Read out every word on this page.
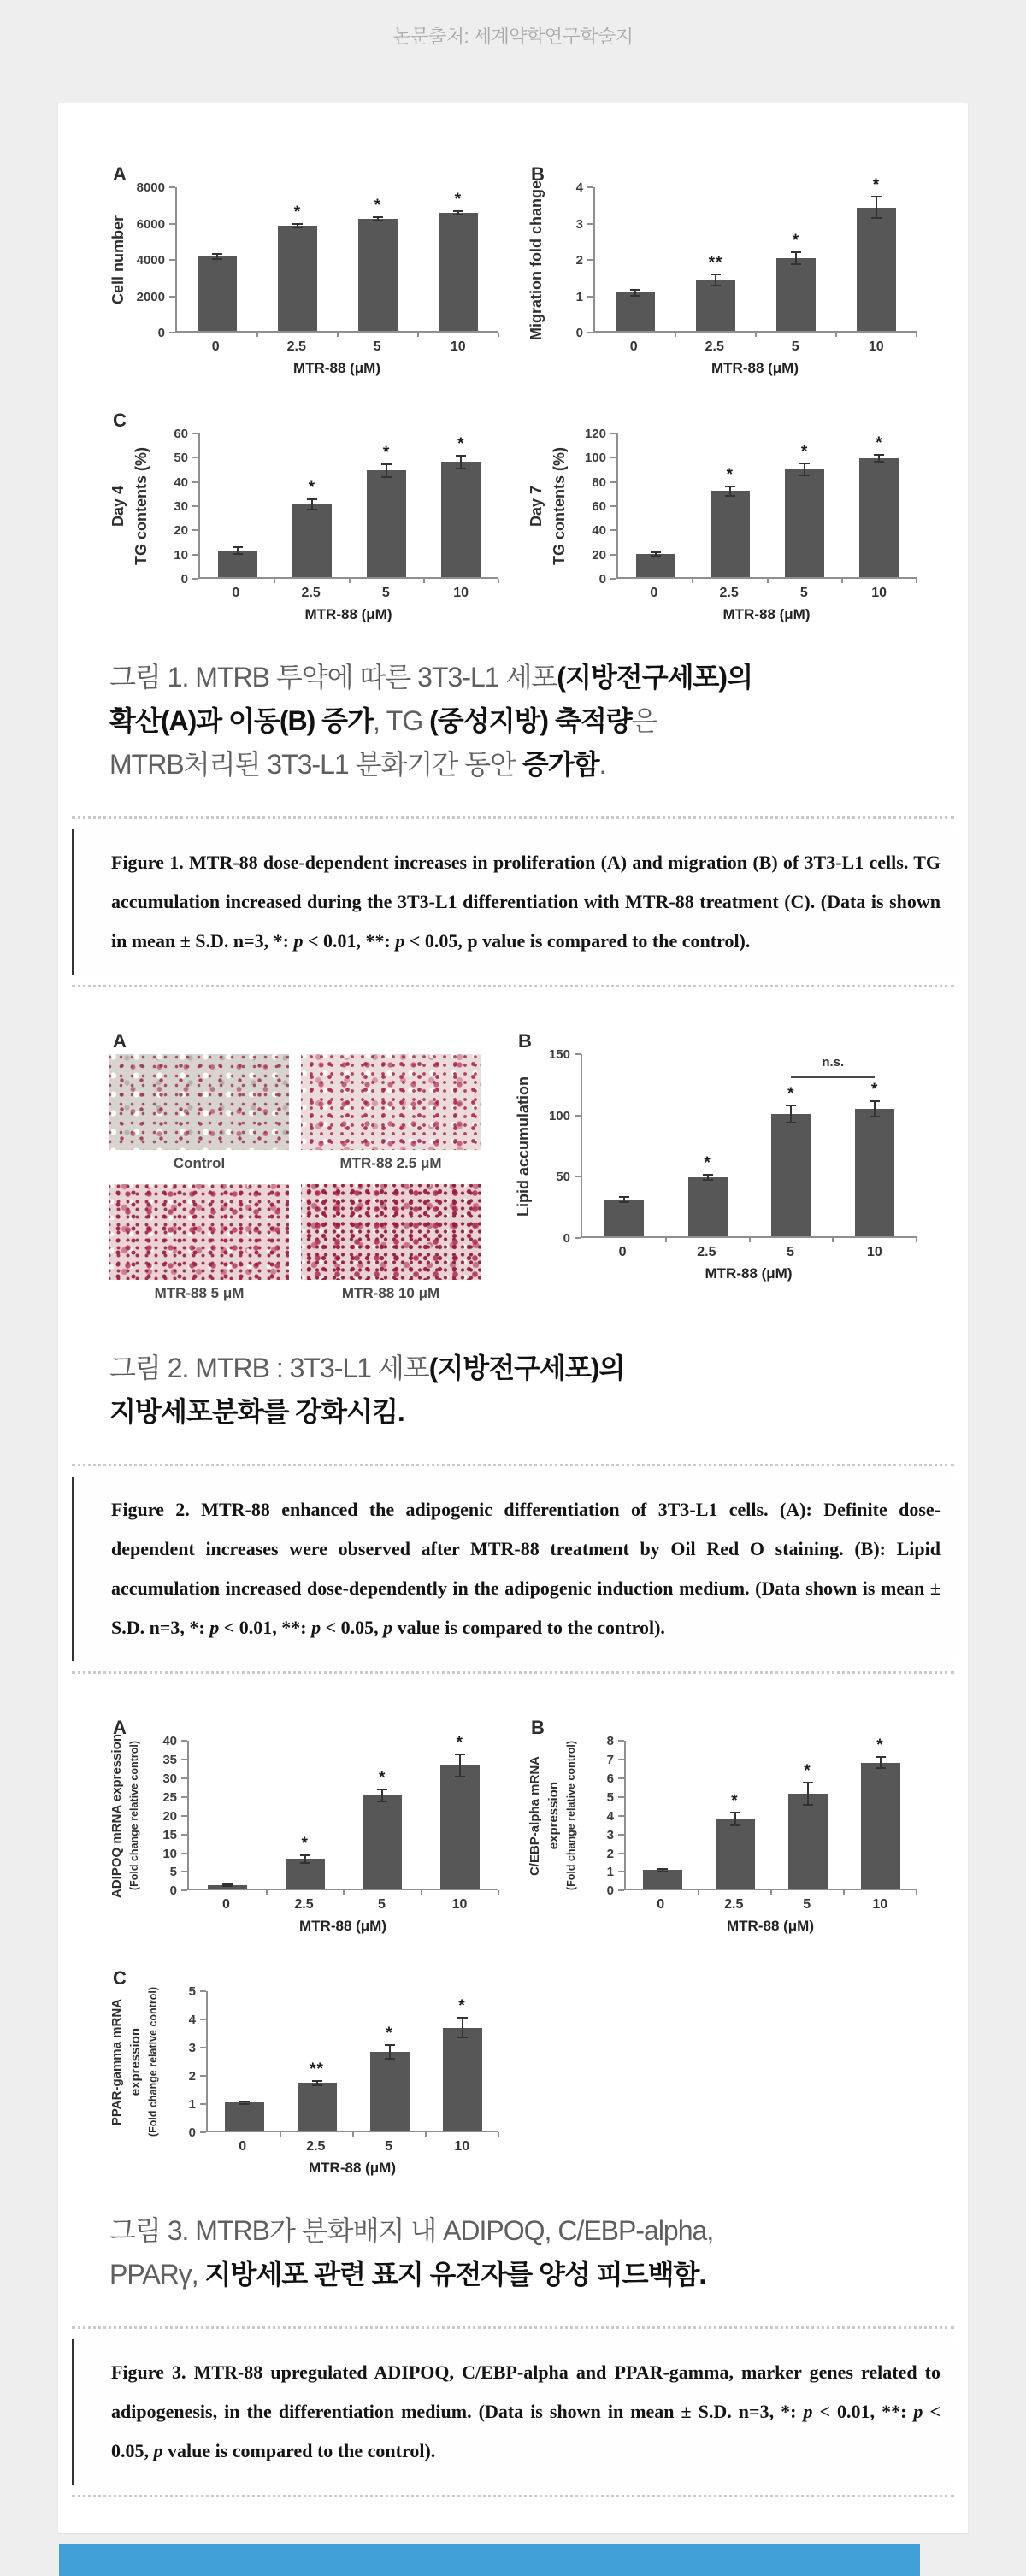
논문출처: 세계약학연구학술지
A
Cell number
0
2000
4000
6000
8000
*	*	*
0	2.5	5	10
MTR-88 (μM)
B
Migration fold change	0
1
2
3
4
**
*
*
0	2.5	5	10
MTR-88 (μM)
C
Day 4 TG contents (%)
0
10
20
30
40
50
60
*
*	*
0	2.5	5	10
MTR-88 (μM)
Day 7 TG contents (%)
0
20
40
60
80
100
120
*
*	*
0	2.5	5	10
MTR-88 (μM)
그림 1. MTRB 투약에 따른 3T3-L1 세포(지방전구세포)의
확산(A)과 이동(B) 증가, TG (중성지방) 축적량은
MTRB처리된 3T3-L1 분화기간 동안 증가함.
Figure 1. MTR-88 dose-dependent increases in proliferation (A) and migration (B) of 3T3-L1 cells. TG accumulation increased during the 3T3-L1 differentiation with MTR-88 treatment (C). (Data is shown in mean ± S.D. n=3, *: p < 0.01, **: p < 0.05, p value is compared to the control).
A
Control	MTR-88 2.5 μM
MTR-88 5 μM	MTR-88 10 μM
B
Lipid accumulation
0
50
100
150
*
*	*
n.s.
0	2.5	5	10
MTR-88 (μM)
그림 2. MTRB : 3T3-L1 세포(지방전구세포)의
지방세포분화를 강화시킴.
Figure 2. MTR-88 enhanced the adipogenic differentiation of 3T3-L1 cells. (A): Definite dose-dependent increases were observed after MTR-88 treatment by Oil Red O staining. (B): Lipid accumulation increased dose-dependently in the adipogenic induction medium. (Data shown is mean ± S.D. n=3, *: p < 0.01, **: p < 0.05, p value is compared to the control).
A
ADIPOQ mRNA expression (Fold change relative control)
0
5
10
15
20
25
30
35
40
*
*
*
0	2.5	5	10
MTR-88 (μM)
B
C/EBP-alpha mRNA expression (Fold change relative control)
0
1
2
3
4
5
6
7
8
*
*
*
0	2.5	5	10
MTR-88 (μM)
C
PPAR-gamma mRNA expression (Fold change relative control)	0
1
2
3
4
5
**
*
*
0	2.5	5	10
MTR-88 (μM)
그림 3. MTRB가 분화배지 내 ADIPOQ, C/EBP-alpha,
PPARγ, 지방세포 관련 표지 유전자를 양성 피드백함.
Figure 3. MTR-88 upregulated ADIPOQ, C/EBP-alpha and PPAR-gamma, marker genes related to adipogenesis, in the differentiation medium. (Data is shown in mean ± S.D. n=3, *: p < 0.01, **: p < 0.05, p value is compared to the control).
